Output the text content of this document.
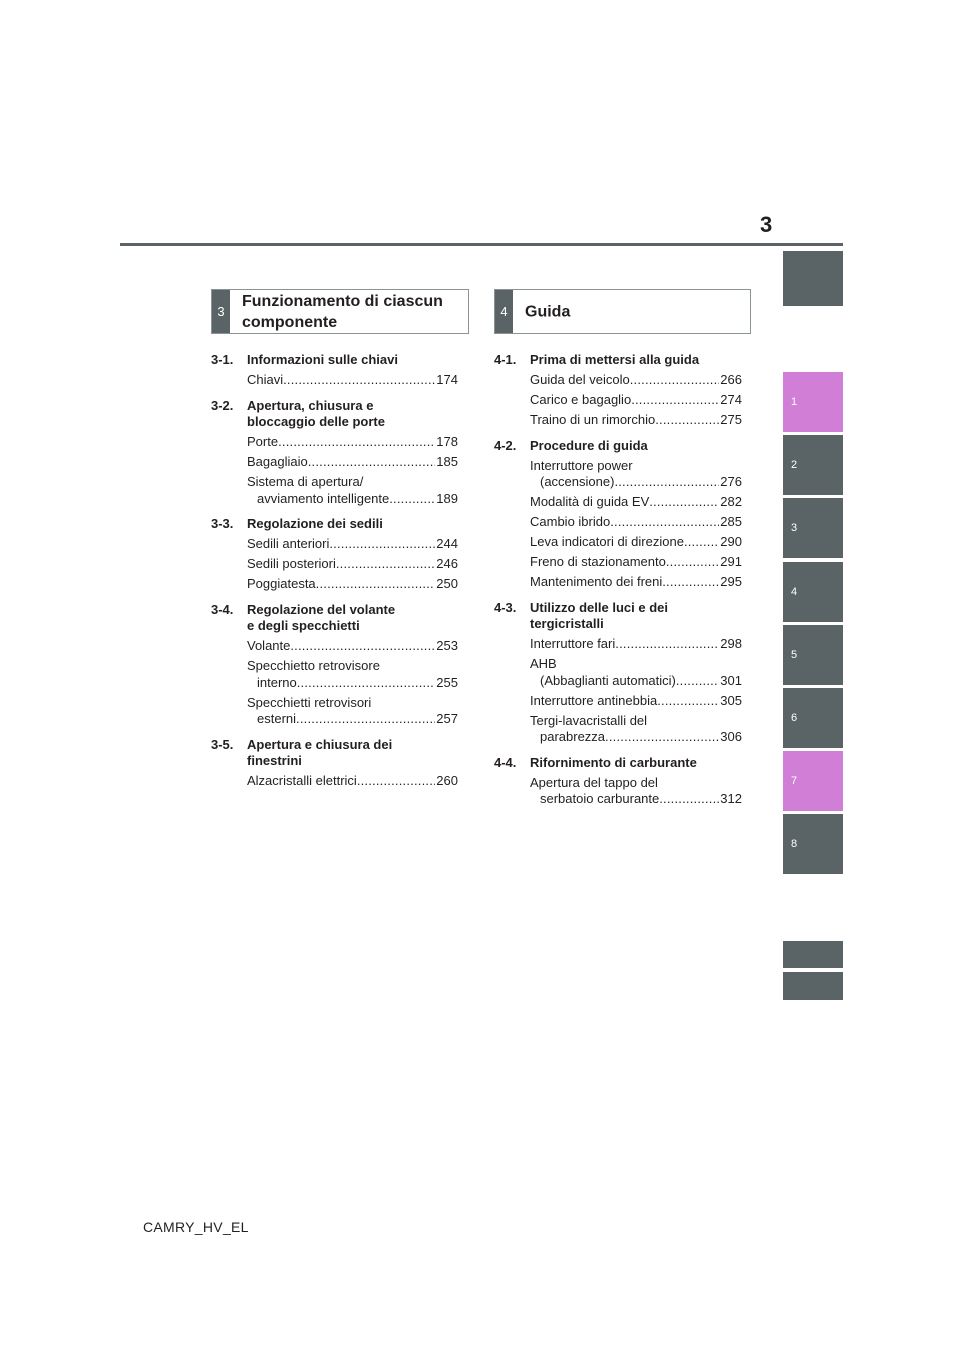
3
1
2
3
4
5
6
7
8
3
Funzionamento di ciascun
componente
3-1. Informazioni sulle chiavi
Chiavi .....	174
3-2. Apertura, chiusura e
bloccaggio delle porte
Porte .....	178
Bagagliaio .....	185
Sistema di apertura/
avviamento intelligente .....	189
3-3. Regolazione dei sedili
Sedili anteriori .....	244
Sedili posteriori .....	246
Poggiatesta .....	250
3-4. Regolazione del volante
e degli specchietti
Volante .....	253
Specchietto retrovisore
interno .....	255
Specchietti retrovisori
esterni .....	257
3-5. Apertura e chiusura dei
finestrini
Alzacristalli elettrici .....	260
4	Guida
4-1. Prima di mettersi alla guida
Guida del veicolo .....	266
Carico e bagaglio .....	274
Traino di un rimorchio .....	275
4-2. Procedure di guida
Interruttore power
(accensione) .....	276
Modalità di guida EV .....	282
Cambio ibrido .....	285
Leva indicatori di direzione .....	290
Freno di stazionamento .....	291
Mantenimento dei freni .....	295
4-3. Utilizzo delle luci e dei
tergicristalli
Interruttore fari .....	298
AHB
(Abbaglianti automatici) .....	301
Interruttore antinebbia .....	305
Tergi-lavacristalli del
parabrezza .....	306
4-4. Rifornimento di carburante
Apertura del tappo del
serbatoio carburante .....	312
CAMRY_HV_EL
